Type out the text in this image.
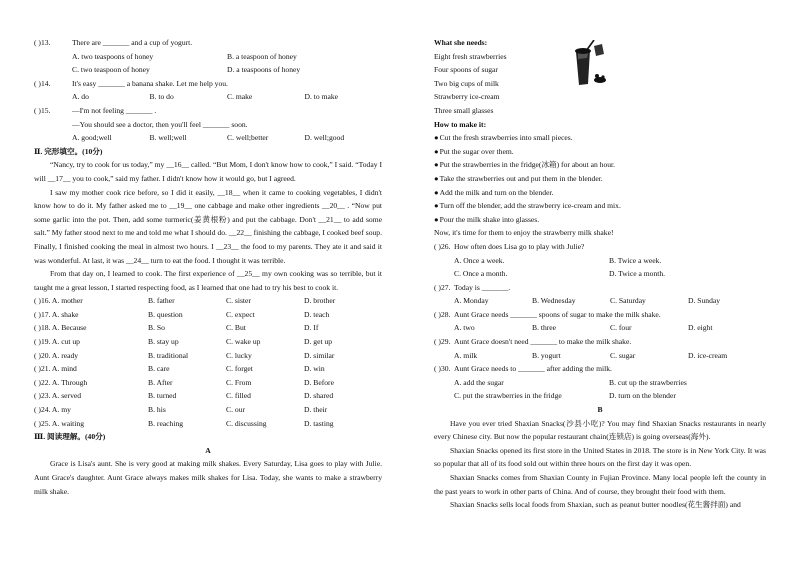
( )13.	There are _______ and a cup of yogurt.
A. two teaspoons of honey	B. a teaspoon of honey
C. two teaspoon of honey	D. a teaspoons of honey
( )14.	It's easy _______ a banana shake. Let me help you.
A. do	B. to do	C. make	D. to make
( )15.	—I'm not feeling _______ .
—You should see a doctor, then you'll feel _______ soon.
A. good;well	B. well;well	C. well;better	D. well;good
Ⅱ. 完形填空。(10分)
“Nancy, try to cook for us today,” my __16__ called. “But Mom, I don't know how to cook,” I said. “Today I will __17__ you to cook,” said my father. I didn't know how it would go, but I agreed.
I saw my mother cook rice before, so I did it easily, __18__ when it came to cooking vegetables, I didn't know how to do it. My father asked me to __19__ one cabbage and make other ingredients __20__ . “Now put some garlic into the pot. Then, add some turmeric(姜黄根粉) and put the cabbage. Don't __21__ to add some salt.” My father stood next to me and told me what I should do. __22__ finishing the cabbage, I cooked beef soup. Finally, I finished cooking the meal in almost two hours. I __23__ the food to my parents. They ate it and said it was wonderful. At last, it was __24__ turn to eat the food. I thought it was terrible.
From that day on, I learned to cook. The first experience of __25__ my own cooking was so terrible, but it taught me a great lesson, I started respecting food, as I learned that one had to try his best to cook it.
( )16. A. mother	B. father	C. sister	D. brother
( )17. A. shake	B. question	C. expect	D. teach
( )18. A. Because	B. So	C. But	D. If
( )19. A. cut up	B. stay up	C. wake up	D. get up
( )20. A. ready	B. traditional	C. lucky	D. similar
( )21. A. mind	B. care	C. forget	D. win
( )22. A. Through	B. After	C. From	D. Before
( )23. A. served	B. turned	C. filled	D. shared
( )24. A. my	B. his	C. our	D. their
( )25. A. waiting	B. reaching	C. discussing	D. tasting
Ⅲ. 阅读理解。(40分)
A
Grace is Lisa's aunt. She is very good at making milk shakes. Every Saturday, Lisa goes to play with Julie. Aunt Grace's daughter. Aunt Grace always makes milk shakes for Lisa. Today, she wants to make a strawberry milk shake.
What she needs:
Eight fresh strawberries
Four spoons of sugar
Two big cups of milk
Strawberry ice-cream
Three small glasses
How to make it:
● Cut the fresh strawberries into small pieces.
● Put the sugar over them.
● Put the strawberries in the fridge(冰箱) for about an hour.
● Take the strawberries out and put them in the blender.
● Add the milk and turn on the blender.
● Turn off the blender, add the strawberry ice-cream and mix.
● Pour the milk shake into glasses.
Now, it's time for them to enjoy the strawberry milk shake!
( )26. How often does Lisa go to play with Julie?
A. Once a week.	B. Twice a week.
C. Once a month.	D. Twice a month.
( )27. Today is _______.
A. Monday	B. Wednesday	C. Saturday	D. Sunday
( )28. Aunt Grace needs _______ spoons of sugar to make the milk shake.
A. two	B. three	C. four	D. eight
( )29. Aunt Grace doesn't need _______ to make the milk shake.
A. milk	B. yogurt	C. sugar	D. ice-cream
( )30. Aunt Grace needs to _______ after adding the milk.
A. add the sugar	B. cut up the strawberries
C. put the strawberries in the fridge	D. turn on the blender
B
Have you ever tried Shaxian Snacks(沙县小吃)? You may find Shaxian Snacks restaurants in nearly every Chinese city. But now the popular restaurant chain(连锁店) is going overseas(海外).
Shaxian Snacks opened its first store in the United States in 2018. The store is in New York City. It was so popular that all of its food sold out within three hours on the first day it was open.
Shaxian Snacks comes from Shaxian County in Fujian Province. Many local people left the county in the past years to work in other parts of China. And of course, they brought their food with them.
Shaxian Snacks sells local foods from Shaxian, such as peanut butter noodles(花生酱拌面) and
